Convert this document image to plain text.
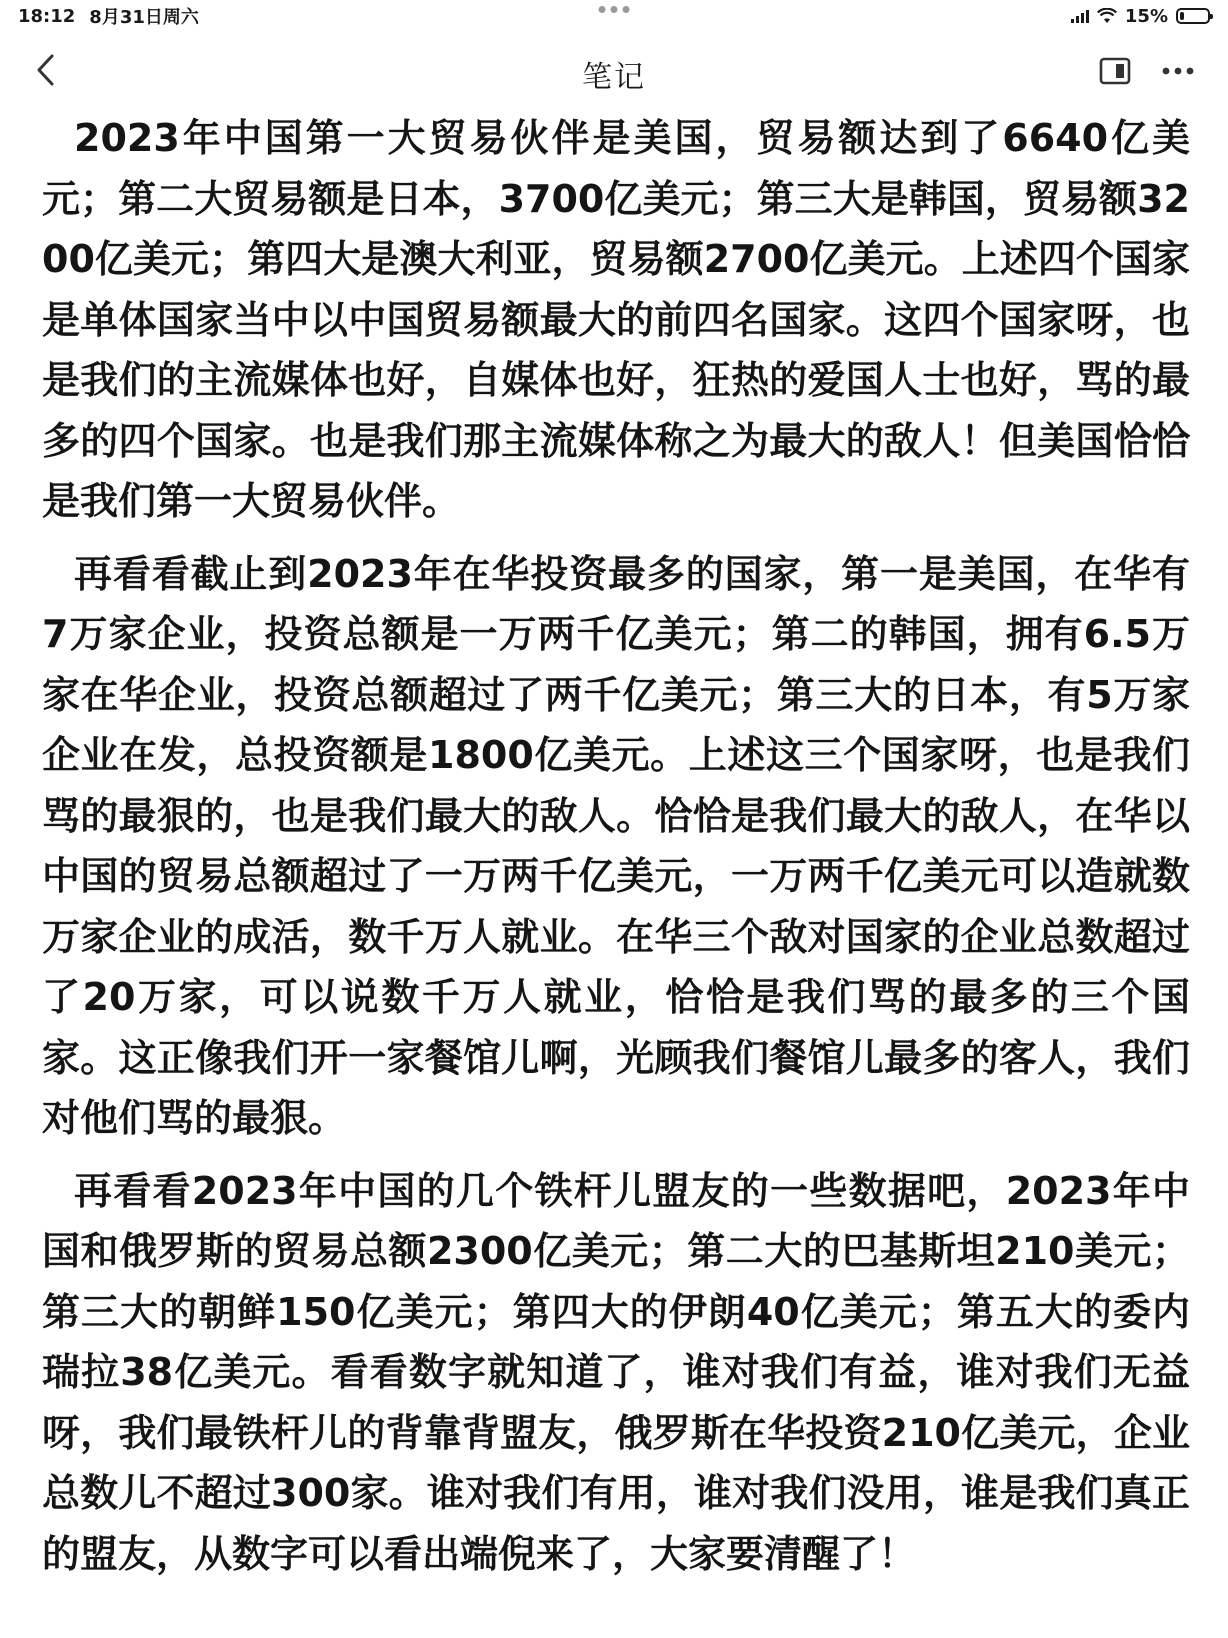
18:12 8月31日周六	15%
笔记

2023年中国第一大贸易伙伴是美国，贸易额达到了6640亿美元；第二大贸易额是日本，3700亿美元；第三大是韩国，贸易额3200亿美元；第四大是澳大利亚，贸易额2700亿美元。上述四个国家是单体国家当中以中国贸易额最大的前四名国家。这四个国家呀，也是我们的主流媒体也好，自媒体也好，狂热的爱国人士也好，骂的最多的四个国家。也是我们那主流媒体称之为最大的敌人！但美国恰恰是我们第一大贸易伙伴。

再看看截止到2023年在华投资最多的国家，第一是美国，在华有7万家企业，投资总额是一万两千亿美元；第二的韩国，拥有6.5万家在华企业，投资总额超过了两千亿美元；第三大的日本，有5万家企业在发，总投资额是1800亿美元。上述这三个国家呀，也是我们骂的最狠的，也是我们最大的敌人。恰恰是我们最大的敌人，在华以中国的贸易总额超过了一万两千亿美元，一万两千亿美元可以造就数万家企业的成活，数千万人就业。在华三个敌对国家的企业总数超过了20万家，可以说数千万人就业，恰恰是我们骂的最多的三个国家。这正像我们开一家餐馆儿啊，光顾我们餐馆儿最多的客人，我们对他们骂的最狠。

再看看2023年中国的几个铁杆儿盟友的一些数据吧，2023年中国和俄罗斯的贸易总额2300亿美元；第二大的巴基斯坦210美元；第三大的朝鲜150亿美元；第四大的伊朗40亿美元；第五大的委内瑞拉38亿美元。看看数字就知道了，谁对我们有益，谁对我们无益呀，我们最铁杆儿的背靠背盟友，俄罗斯在华投资210亿美元，企业总数儿不超过300家。谁对我们有用，谁对我们没用，谁是我们真正的盟友，从数字可以看出端倪来了，大家要清醒了！
